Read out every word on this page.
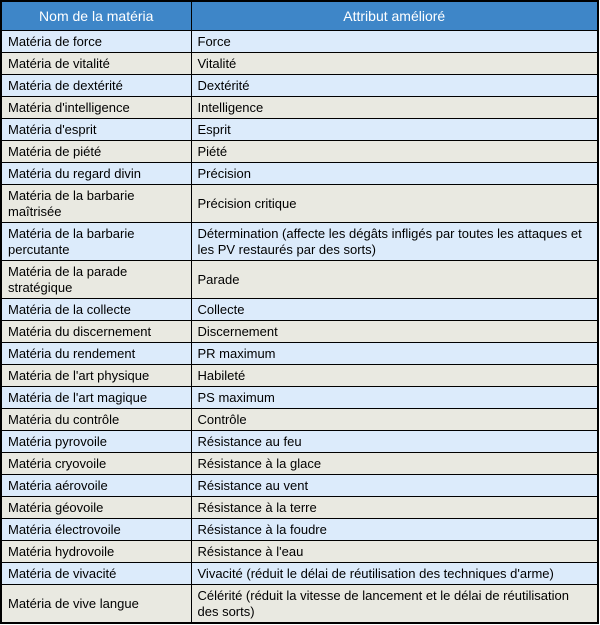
Nom de la matéria	Attribut amélioré
Matéria de force	Force
Matéria de vitalité	Vitalité
Matéria de dextérité	Dextérité
Matéria d'intelligence	Intelligence
Matéria d'esprit	Esprit
Matéria de piété	Piété
Matéria du regard divin	Précision
Matéria de la barbarie maîtrisée	Précision critique
Matéria de la barbarie percutante	Détermination (affecte les dégâts infligés par toutes les attaques et les PV restaurés par des sorts)
Matéria de la parade stratégique	Parade
Matéria de la collecte	Collecte
Matéria du discernement	Discernement
Matéria du rendement	PR maximum
Matéria de l'art physique	Habileté
Matéria de l'art magique	PS maximum
Matéria du contrôle	Contrôle
Matéria pyrovoile	Résistance au feu
Matéria cryovoile	Résistance à la glace
Matéria aérovoile	Résistance au vent
Matéria géovoile	Résistance à la terre
Matéria électrovoile	Résistance à la foudre
Matéria hydrovoile	Résistance à l'eau
Matéria de vivacité	Vivacité (réduit le délai de réutilisation des techniques d'arme)
Matéria de vive langue	Célérité (réduit la vitesse de lancement et le délai de réutilisation des sorts)
